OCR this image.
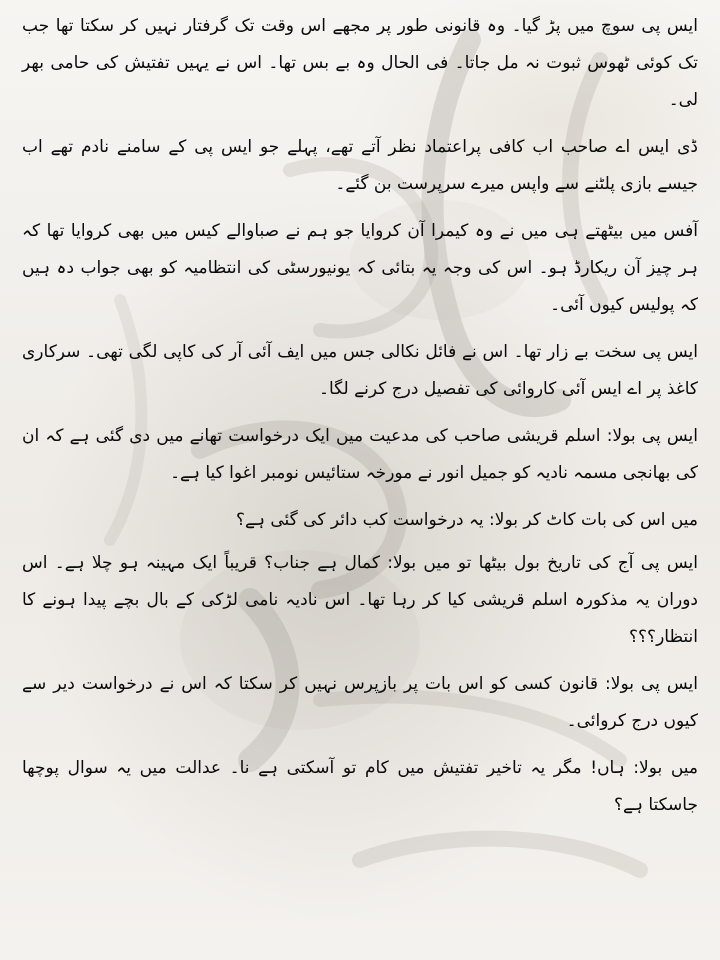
ایس پی سوچ میں پڑ گیا۔ وہ قانونی طور پر مجھے اس وقت تک گرفتار نہیں کر سکتا تھا جب تک کوئی ٹھوس ثبوت نہ مل جاتا۔ فی الحال وہ بے بس تھا۔ اس نے یہیں تفتیش کی حامی بھر لی۔

ڈی ایس اے صاحب اب کافی پراعتماد نظر آتے تھے، پہلے جو ایس پی کے سامنے نادم تھے اب جیسے بازی پلٹنے سے واپس میرے سرپرست بن گئے۔

آفس میں بیٹھتے ہی میں نے وہ کیمرا آن کروایا جو ہم نے صباوالے کیس میں بھی کروایا تھا کہ ہر چیز آن ریکارڈ ہو۔ اس کی وجہ یہ بتائی کہ یونیورسٹی کی انتظامیہ کو بھی جواب دہ ہیں کہ پولیس کیوں آئی۔

ایس پی سخت بے زار تھا۔ اس نے فائل نکالی جس میں ایف آئی آر کی کاپی لگی تھی۔ سرکاری کاغذ پر اے ایس آئی کاروائی کی تفصیل درج کرنے لگا۔

ایس پی بولا: اسلم قریشی صاحب کی مدعیت میں ایک درخواست تھانے میں دی گئی ہے کہ ان کی بھانجی مسمہ نادیہ کو جمیل انور نے مورخہ ستائیس نومبر اغوا کیا ہے۔

میں اس کی بات کاٹ کر بولا: یہ درخواست کب دائر کی گئی ہے؟

ایس پی آج کی تاریخ بول بیٹھا تو میں بولا: کمال ہے جناب؟ قریباً ایک مہینہ ہو چلا ہے۔ اس دوران یہ مذکورہ اسلم قریشی کیا کر رہا تھا۔ اس نادیہ نامی لڑکی کے بال بچے پیدا ہونے کا انتظار؟؟؟

ایس پی بولا: قانون کسی کو اس بات پر بازپرس نہیں کر سکتا کہ اس نے درخواست دیر سے کیوں درج کروائی۔

میں بولا: ہاں! مگر یہ تاخیر تفتیش میں کام تو آسکتی ہے نا۔ عدالت میں یہ سوال پوچھا جاسکتا ہے؟
